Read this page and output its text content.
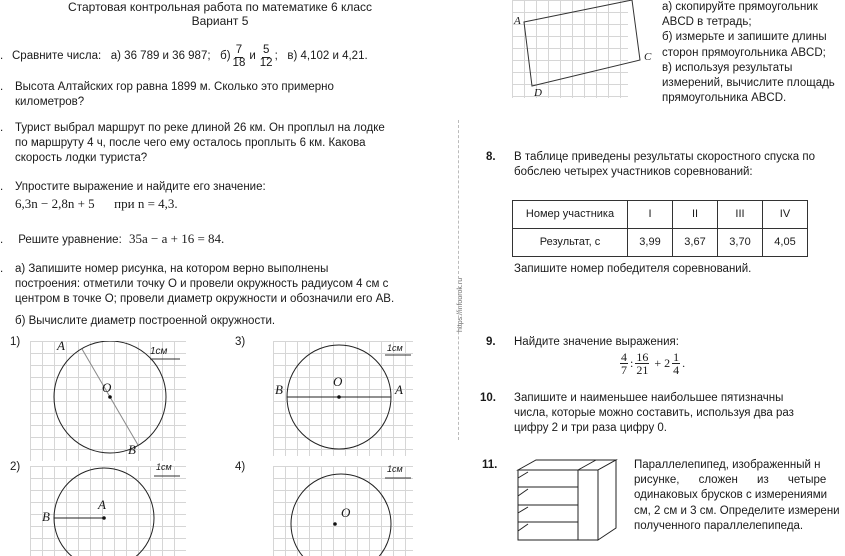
Стартовая контрольная работа по математике 6 класс
Вариант 5
. Сравните числа:   а) 36 789 и 36 987;   $б) \frac{7}{18}$ и $\frac{5}{12}$ ;   в) 4,102 и 4,21.
.	Высота Алтайских гор равна 1899 м. Сколько это примерно
километров?
.	Турист выбрал маршрут по реке длиной 26 км. Он проплыл на лодке
по маршруту 4 ч, после чего ему осталось проплыть 6 км. Какова
скорость лодки туриста?
.	Упростите выражение и найдите его значение:
6,3n − 2,8n + 5      при n = 4,3.
. Решите уравнение: 35a − a + 16 = 84.
.	а) Запишите номер рисунка, на котором верно выполнены
построения: отметили точку О и провели окружность радиусом 4 см с
центром в точке О; провели диаметр окружности и обозначили его АВ.
б) Вычислите диаметр построенной окружности.
1)
1см
A
O
B
3)	1см
B
O
A
2)	1см
A
B
4)	1см
O
https://infourok.ru
A
C
D
а) скопируйте прямоугольник
ABCD в тетрадь;
б) измерьте и запишите длины
сторон прямоугольника ABCD;
в) используя результаты
измерений, вычислите площадь
прямоугольника ABCD.
8.	В таблице приведены результаты скоростного спуска по
бобслею четырех участников соревнований:
Номер участника	I	II	III	IV
Результат, с	3,99	3,67	3,70	4,05
Запишите номер победителя соревнований.
9.	Найдите значение выражения:
$\frac{4}{7}$ : $\frac{16}{21} + 2 \frac{1}{4}$ .
10.	Запишите и наименьшее наибольшее пятизначны
числа, которые можно составить, используя два раз
цифру 2 и три раза цифру 0.
11.	Параллелепипед, изображенный н
рисунке,      сложен      из      четыре
одинаковых брусков с измерениями
см, 2 см и 3 см. Определите измерени
полученного параллелепипеда.
